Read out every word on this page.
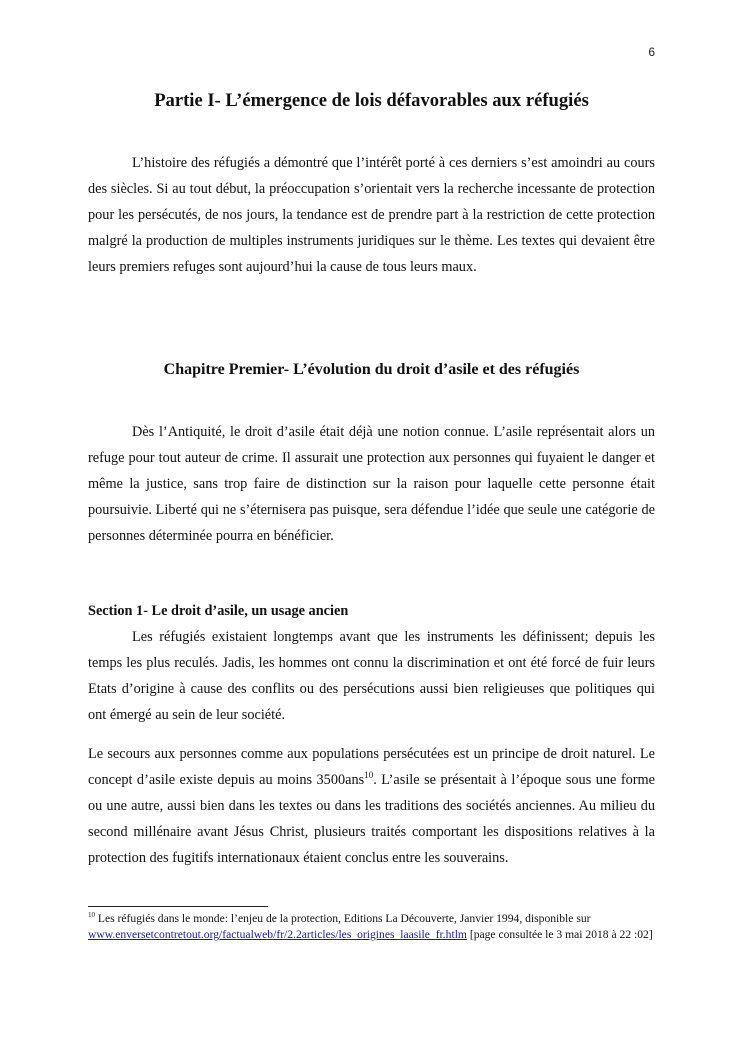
6
Partie I- L’émergence de lois défavorables aux réfugiés

L’histoire des réfugiés a démontré que l’intérêt porté à ces derniers s’est amoindri au cours des siècles. Si au tout début, la préoccupation s’orientait vers la recherche incessante de protection pour les persécutés, de nos jours, la tendance est de prendre part à la restriction de cette protection malgré la production de multiples instruments juridiques sur le thème. Les textes qui devaient être leurs premiers refuges sont aujourd’hui la cause de tous leurs maux.

Chapitre Premier- L’évolution du droit d’asile et des réfugiés

Dès l’Antiquité, le droit d’asile était déjà une notion connue. L’asile représentait alors un refuge pour tout auteur de crime. Il assurait une protection aux personnes qui fuyaient le danger et même la justice, sans trop faire de distinction sur la raison pour laquelle cette personne était poursuivie. Liberté qui ne s’éternisera pas puisque, sera défendue l’idée que seule une catégorie de personnes déterminée pourra en bénéficier.

Section 1- Le droit d’asile, un usage ancien

Les réfugiés existaient longtemps avant que les instruments les définissent; depuis les temps les plus reculés. Jadis, les hommes ont connu la discrimination et ont été forcé de fuir leurs Etats d’origine à cause des conflits ou des persécutions aussi bien religieuses que politiques qui ont émergé au sein de leur société.

Le secours aux personnes comme aux populations persécutées est un principe de droit naturel. Le concept d’asile existe depuis au moins 3500ans$^{10}$. L’asile se présentait à l’époque sous une forme ou une autre, aussi bien dans les textes ou dans les traditions des sociétés anciennes. Au milieu du second millénaire avant Jésus Christ, plusieurs traités comportant les dispositions relatives à la protection des fugitifs internationaux étaient conclus entre les souverains.

$^{10}$ Les réfugiés dans le monde: l’enjeu de la protection, Editions La Découverte, Janvier 1994, disponible sur www.enversetcontretout.org/factualweb/fr/2.2articles/les_origines_laasile_fr.htlm [page consultée le 3 mai 2018 à 22 :02]
